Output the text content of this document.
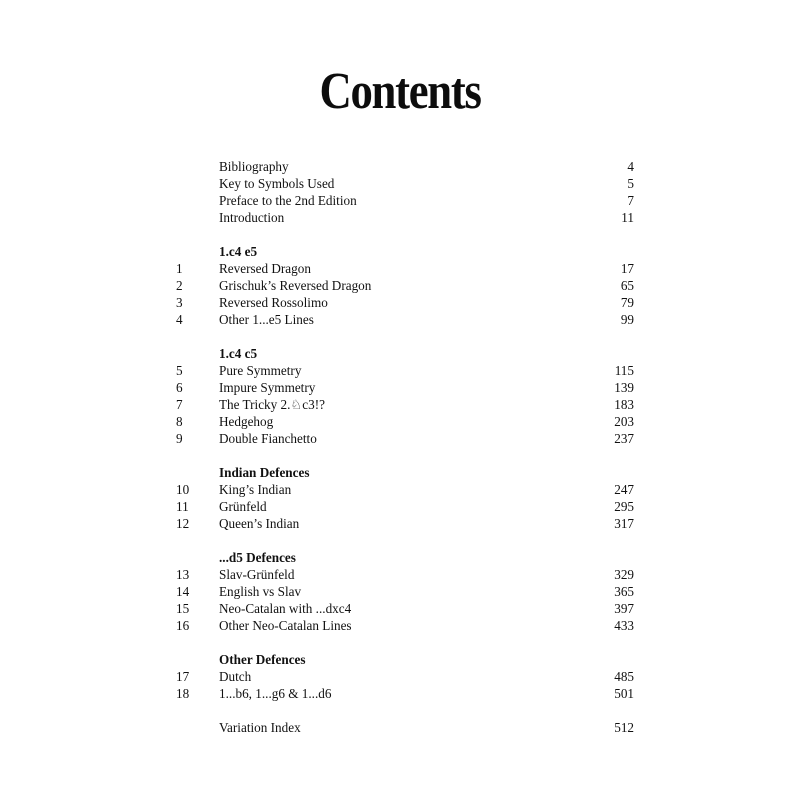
Contents
Bibliography	4
Key to Symbols Used	5
Preface to the 2nd Edition	7
Introduction	11
1.c4 e5
1	Reversed Dragon	17
2	Grischuk’s Reversed Dragon	65
3	Reversed Rossolimo	79
4	Other 1...e5 Lines	99
1.c4 c5
5	Pure Symmetry	115
6	Impure Symmetry	139
7	The Tricky 2.♘c3!?	183
8	Hedgehog	203
9	Double Fianchetto	237
Indian Defences
10	King’s Indian	247
11	Grünfeld	295
12	Queen’s Indian	317
...d5 Defences
13	Slav-Grünfeld	329
14	English vs Slav	365
15	Neo-Catalan with ...dxc4	397
16	Other Neo-Catalan Lines	433
Other Defences
17	Dutch	485
18	1...b6, 1...g6 & 1...d6	501
Variation Index	512
